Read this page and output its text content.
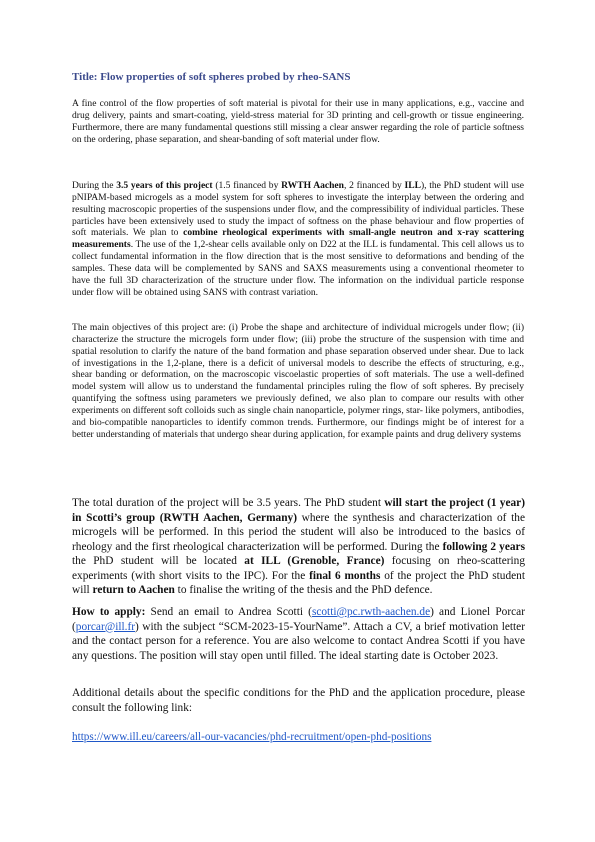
Title: Flow properties of soft spheres probed by rheo-SANS
A fine control of the flow properties of soft material is pivotal for their use in many applications, e.g., vaccine and drug delivery, paints and smart-coating, yield-stress material for 3D printing and cell-growth or tissue engineering. Furthermore, there are many fundamental questions still missing a clear answer regarding the role of particle softness on the ordering, phase separation, and shear-banding of soft material under flow.
During the 3.5 years of this project (1.5 financed by RWTH Aachen, 2 financed by ILL), the PhD student will use pNIPAM-based microgels as a model system for soft spheres to investigate the interplay between the ordering and resulting macroscopic properties of the suspensions under flow, and the compressibility of individual particles. These particles have been extensively used to study the impact of softness on the phase behaviour and flow properties of soft materials. We plan to combine rheological experiments with small-angle neutron and x-ray scattering measurements. The use of the 1,2-shear cells available only on D22 at the ILL is fundamental. This cell allows us to collect fundamental information in the flow direction that is the most sensitive to deformations and bending of the samples. These data will be complemented by SANS and SAXS measurements using a conventional rheometer to have the full 3D characterization of the structure under flow. The information on the individual particle response under flow will be obtained using SANS with contrast variation.
The main objectives of this project are: (i) Probe the shape and architecture of individual microgels under flow; (ii) characterize the structure the microgels form under flow; (iii) probe the structure of the suspension with time and spatial resolution to clarify the nature of the band formation and phase separation observed under shear. Due to lack of investigations in the 1,2-plane, there is a deficit of universal models to describe the effects of structuring, e.g., shear banding or deformation, on the macroscopic viscoelastic properties of soft materials. The use a well-defined model system will allow us to understand the fundamental principles ruling the flow of soft spheres. By precisely quantifying the softness using parameters we previously defined, we also plan to compare our results with other experiments on different soft colloids such as single chain nanoparticle, polymer rings, star- like polymers, antibodies, and bio-compatible nanoparticles to identify common trends. Furthermore, our findings might be of interest for a better understanding of materials that undergo shear during application, for example paints and drug delivery systems
The total duration of the project will be 3.5 years. The PhD student will start the project (1 year) in Scotti’s group (RWTH Aachen, Germany) where the synthesis and characterization of the microgels will be performed. In this period the student will also be introduced to the basics of rheology and the first rheological characterization will be performed. During the following 2 years the PhD student will be located at ILL (Grenoble, France) focusing on rheo-scattering experiments (with short visits to the IPC). For the final 6 months of the project the PhD student will return to Aachen to finalise the writing of the thesis and the PhD defence.
How to apply: Send an email to Andrea Scotti (scotti@pc.rwth-aachen.de) and Lionel Porcar (porcar@ill.fr) with the subject “SCM-2023-15-YourName”. Attach a CV, a brief motivation letter and the contact person for a reference. You are also welcome to contact Andrea Scotti if you have any questions. The position will stay open until filled. The ideal starting date is October 2023.
Additional details about the specific conditions for the PhD and the application procedure, please consult the following link:
https://www.ill.eu/careers/all-our-vacancies/phd-recruitment/open-phd-positions
